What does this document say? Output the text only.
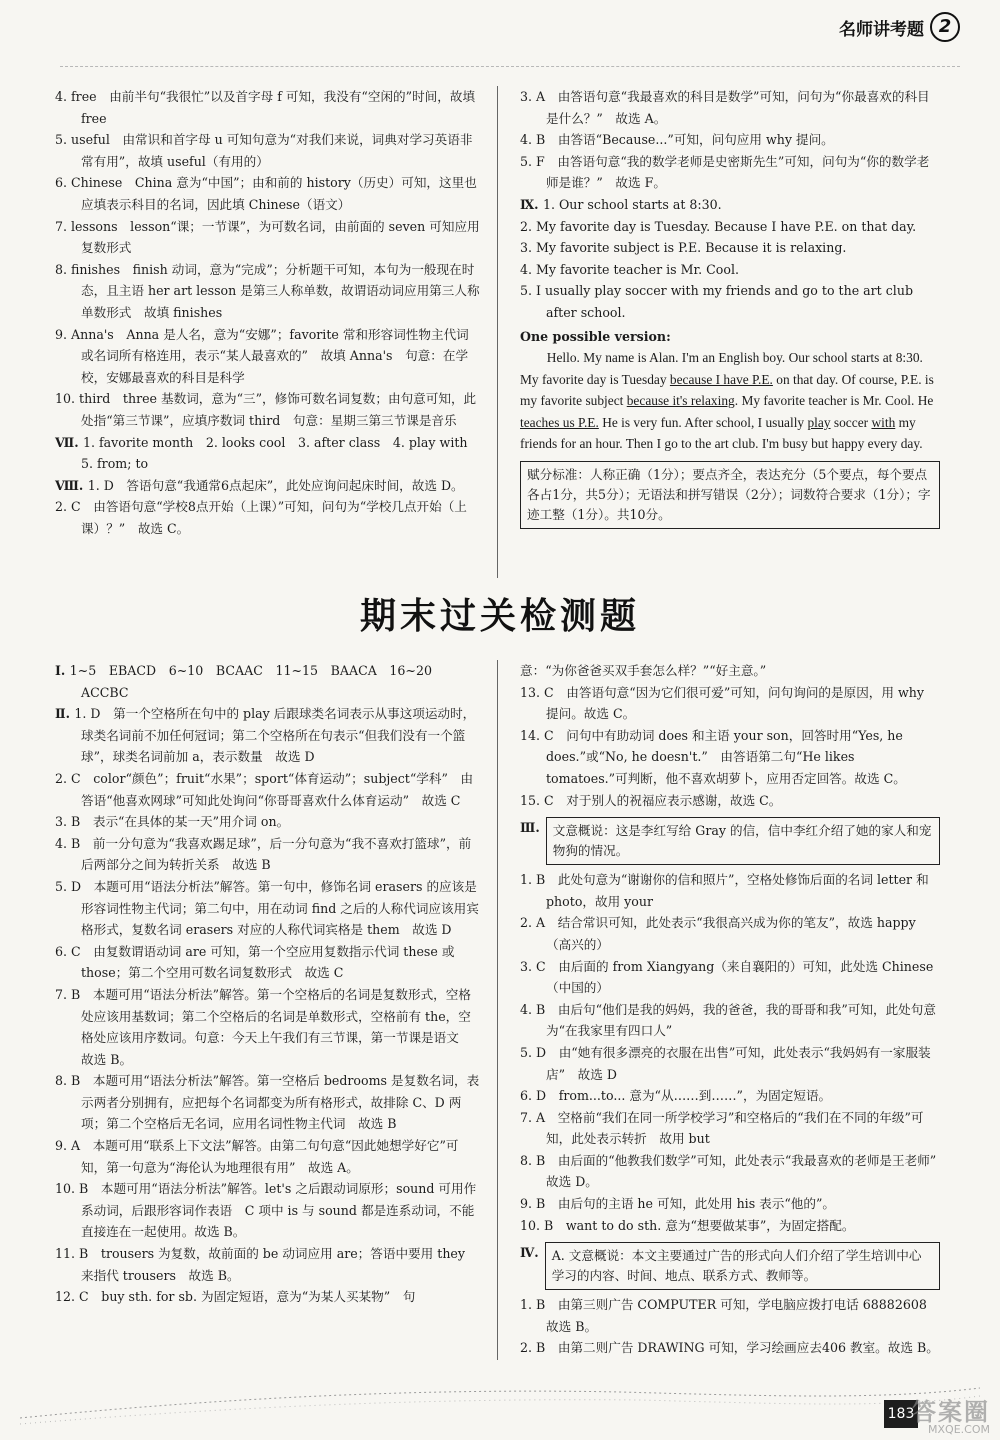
名师讲考题 2

4. free　由前半句“我很忙”以及首字母 f 可知，我没有“空闲的”时间，故填 free

5. useful　由常识和首字母 u 可知句意为“对我们来说，词典对学习英语非常有用”，故填 useful（有用的）

6. Chinese　China 意为“中国”；由和前的 history（历史）可知，这里也应填表示科目的名词，因此填 Chinese（语文）

7. lessons　lesson“课；一节课”，为可数名词，由前面的 seven 可知应用复数形式

8. finishes　finish 动词，意为“完成”；分析题干可知，本句为一般现在时态，且主语 her art lesson 是第三人称单数，故谓语动词应用第三人称单数形式　故填 finishes

9. Anna's　Anna 是人名，意为“安娜”；favorite 常和形容词性物主代词或名词所有格连用，表示“某人最喜欢的”　故填 Anna's　句意：在学校，安娜最喜欢的科目是科学

10. third　three 基数词，意为“三”，修饰可数名词复数；由句意可知，此处指“第三节课”，应填序数词 third　句意：星期三第三节课是音乐

Ⅶ. 1. favorite month　2. looks cool　3. after class　4. play with　5. from; to

Ⅷ. 1. D　答语句意“我通常6点起床”，此处应询问起床时间，故选 D。

2. C　由答语句意“学校8点开始（上课）”可知，问句为“学校几点开始（上课）？”　故选 C。

3. A　由答语句意“我最喜欢的科目是数学”可知，问句为“你最喜欢的科目是什么？”　故选 A。

4. B　由答语“Because...”可知，问句应用 why 提问。

5. F　由答语句意“我的数学老师是史密斯先生”可知，问句为“你的数学老师是谁？”　故选 F。

Ⅸ. 1. Our school starts at 8:30.

2. My favorite day is Tuesday. Because I have P.E. on that day.

3. My favorite subject is P.E. Because it is relaxing.

4. My favorite teacher is Mr. Cool.

5. I usually play soccer with my friends and go to the art club after school.

One possible version:

Hello. My name is Alan. I'm an English boy. Our school starts at 8:30. My favorite day is Tuesday because I have P.E. on that day. Of course, P.E. is my favorite subject because it's relaxing. My favorite teacher is Mr. Cool. He teaches us P.E. He is very fun. After school, I usually play soccer with my friends for an hour. Then I go to the art club. I'm busy but happy every day.

赋分标准：人称正确（1分）；要点齐全，表达充分（5个要点，每个要点各占1分，共5分）；无语法和拼写错误（2分）；词数符合要求（1分）；字迹工整（1分）。共10分。
期末过关检测题

Ⅰ. 1~5　EBACD　6~10　BCAAC　11~15　BAACA　16~20　ACCBC

Ⅱ. 1. D　第一个空格所在句中的 play 后跟球类名词表示从事这项运动时，球类名词前不加任何冠词；第二个空格所在句表示“但我们没有一个篮球”，球类名词前加 a，表示数量　故选 D

2. C　color“颜色”；fruit“水果”；sport“体育运动”；subject“学科”　由答语“他喜欢网球”可知此处询问“你哥哥喜欢什么体育运动”　故选 C

3. B　表示“在具体的某一天”用介词 on。

4. B　前一分句意为“我喜欢踢足球”，后一分句意为“我不喜欢打篮球”，前后两部分之间为转折关系　故选 B

5. D　本题可用“语法分析法”解答。第一句中，修饰名词 erasers 的应该是形容词性物主代词；第二句中，用在动词 find 之后的人称代词应该用宾格形式，复数名词 erasers 对应的人称代词宾格是 them　故选 D

6. C　由复数谓语动词 are 可知，第一个空应用复数指示代词 these 或 those；第二个空用可数名词复数形式　故选 C

7. B　本题可用“语法分析法”解答。第一个空格后的名词是复数形式，空格处应该用基数词；第二个空格后的名词是单数形式，空格前有 the，空格处应该用序数词。句意：今天上午我们有三节课，第一节课是语文　故选 B。

8. B　本题可用“语法分析法”解答。第一空格后 bedrooms 是复数名词，表示两者分别拥有，应把每个名词都变为所有格形式，故排除 C、D 两项；第二个空格后无名词，应用名词性物主代词　故选 B

9. A　本题可用“联系上下文法”解答。由第二句句意“因此她想学好它”可知，第一句意为“海伦认为地理很有用”　故选 A。

10. B　本题可用“语法分析法”解答。let's 之后跟动词原形；sound 可用作系动词，后跟形容词作表语　C 项中 is 与 sound 都是连系动词，不能直接连在一起使用。故选 B。

11. B　trousers 为复数，故前面的 be 动词应用 are；答语中要用 they 来指代 trousers　故选 B。

12. C　buy sth. for sb. 为固定短语，意为“为某人买某物”　句

意：“为你爸爸买双手套怎么样？”“好主意。”

13. C　由答语句意“因为它们很可爱”可知，问句询问的是原因，用 why 提问。故选 C。

14. C　问句中有助动词 does 和主语 your son，回答时用“Yes, he does.”或“No, he doesn't.”　由答语第二句“He likes tomatoes.”可判断，他不喜欢胡萝卜，应用否定回答。故选 C。

15. C　对于别人的祝福应表示感谢，故选 C。

Ⅲ.	文意概说：这是李红写给 Gray 的信，信中李红介绍了她的家人和宠物狗的情况。

1. B　此处句意为“谢谢你的信和照片”，空格处修饰后面的名词 letter 和 photo，故用 your

2. A　结合常识可知，此处表示“我很高兴成为你的笔友”，故选 happy（高兴的）

3. C　由后面的 from Xiangyang（来自襄阳的）可知，此处选 Chinese（中国的）

4. B　由后句“他们是我的妈妈，我的爸爸，我的哥哥和我”可知，此处句意为“在我家里有四口人”

5. D　由“她有很多漂亮的衣服在出售”可知，此处表示“我妈妈有一家服装店”　故选 D

6. D　from...to... 意为“从……到……”，为固定短语。

7. A　空格前“我们在同一所学校学习”和空格后的“我们在不同的年级”可知，此处表示转折　故用 but

8. B　由后面的“他教我们数学”可知，此处表示“我最喜欢的老师是王老师”　故选 D。

9. B　由后句的主语 he 可知，此处用 his 表示“他的”。

10. B　want to do sth. 意为“想要做某事”，为固定搭配。

Ⅳ.	A. 文意概说：本文主要通过广告的形式向人们介绍了学生培训中心学习的内容、时间、地点、联系方式、教师等。

1. B　由第三则广告 COMPUTER 可知，学电脑应拨打电话 68882608　故选 B。

2. B　由第二则广告 DRAWING 可知，学习绘画应去406 教室。故选 B。

183
答案圈
MXQE.COM
